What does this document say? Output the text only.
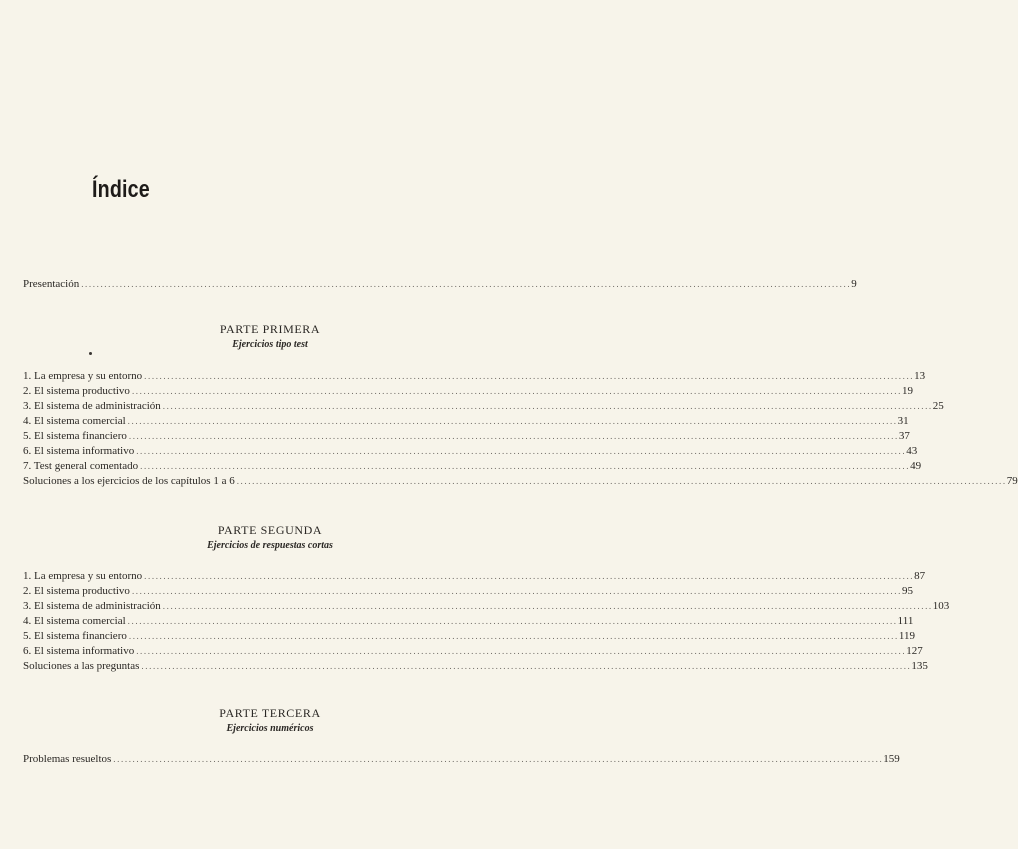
Índice
Presentación ........................................................................................................................................................................................................ 9
PARTE PRIMERA
Ejercicios tipo test
1. La empresa y su entorno ........................................................................................................................................................................................................ 13
2. El sistema productivo ........................................................................................................................................................................................................ 19
3. El sistema de administración ........................................................................................................................................................................................................ 25
4. El sistema comercial ........................................................................................................................................................................................................ 31
5. El sistema financiero ........................................................................................................................................................................................................ 37
6. El sistema informativo ........................................................................................................................................................................................................ 43
7. Test general comentado ........................................................................................................................................................................................................ 49
Soluciones a los ejercicios de los capítulos 1 a 6 ........................................................................................................................................................................................................ 79
PARTE SEGUNDA
Ejercicios de respuestas cortas
1. La empresa y su entorno ........................................................................................................................................................................................................ 87
2. El sistema productivo ........................................................................................................................................................................................................ 95
3. El sistema de administración ........................................................................................................................................................................................................ 103
4. El sistema comercial ........................................................................................................................................................................................................ 111
5. El sistema financiero ........................................................................................................................................................................................................ 119
6. El sistema informativo ........................................................................................................................................................................................................ 127
Soluciones a las preguntas ........................................................................................................................................................................................................ 135
PARTE TERCERA
Ejercicios numéricos
Problemas resueltos ........................................................................................................................................................................................................ 159
